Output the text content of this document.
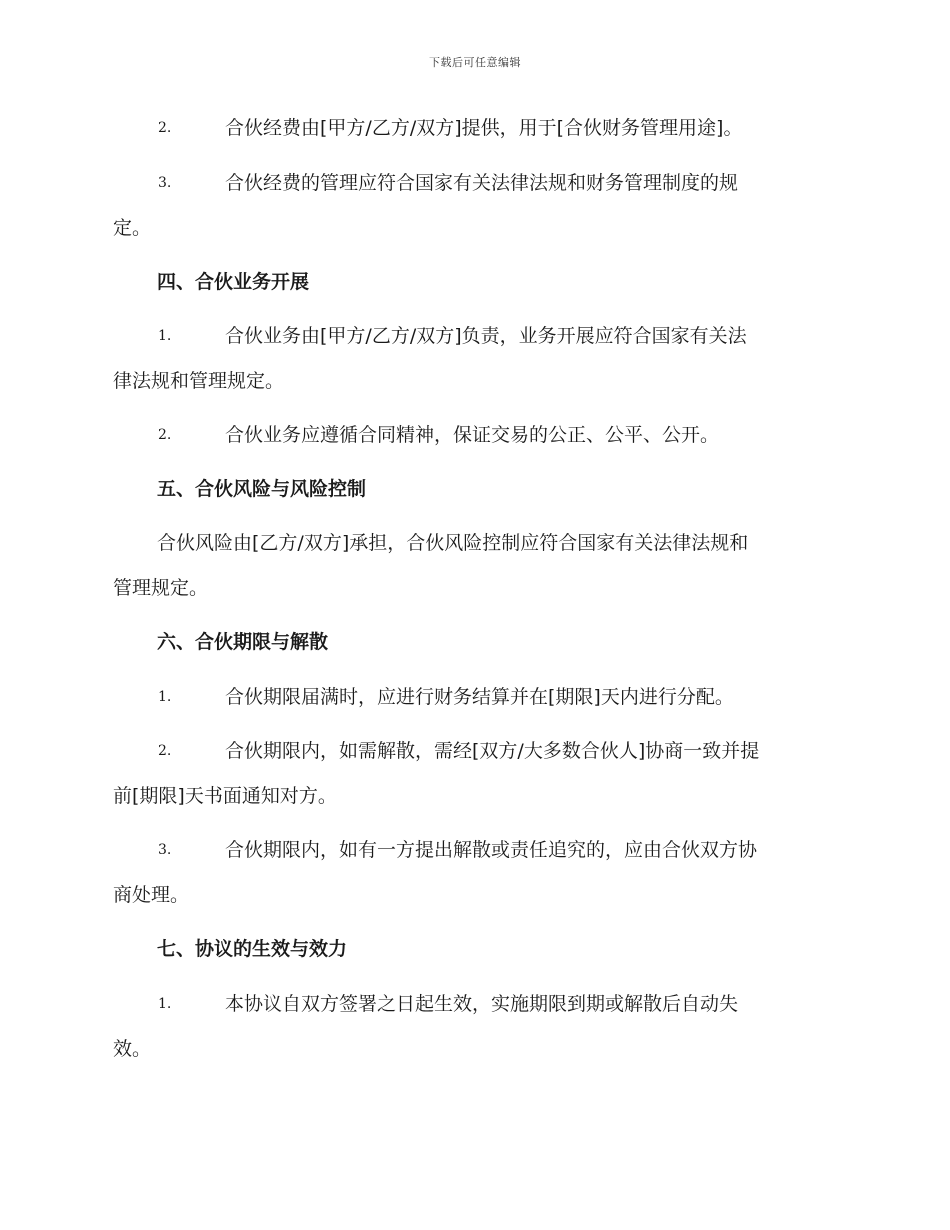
下载后可任意编辑
2.	合伙经费由[甲方/乙方/双方]提供，用于[合伙财务管理用途]。
3.	合伙经费的管理应符合国家有关法律法规和财务管理制度的规
定。
四、合伙业务开展
1.	合伙业务由[甲方/乙方/双方]负责，业务开展应符合国家有关法
律法规和管理规定。
2.	合伙业务应遵循合同精神，保证交易的公正、公平、公开。
五、合伙风险与风险控制
合伙风险由[乙方/双方]承担，合伙风险控制应符合国家有关法律法规和
管理规定。
六、合伙期限与解散
1.	合伙期限届满时，应进行财务结算并在[期限]天内进行分配。
2.	合伙期限内，如需解散，需经[双方/大多数合伙人]协商一致并提
前[期限]天书面通知对方。
3.	合伙期限内，如有一方提出解散或责任追究的，应由合伙双方协
商处理。
七、协议的生效与效力
1.	本协议自双方签署之日起生效，实施期限到期或解散后自动失
效。
